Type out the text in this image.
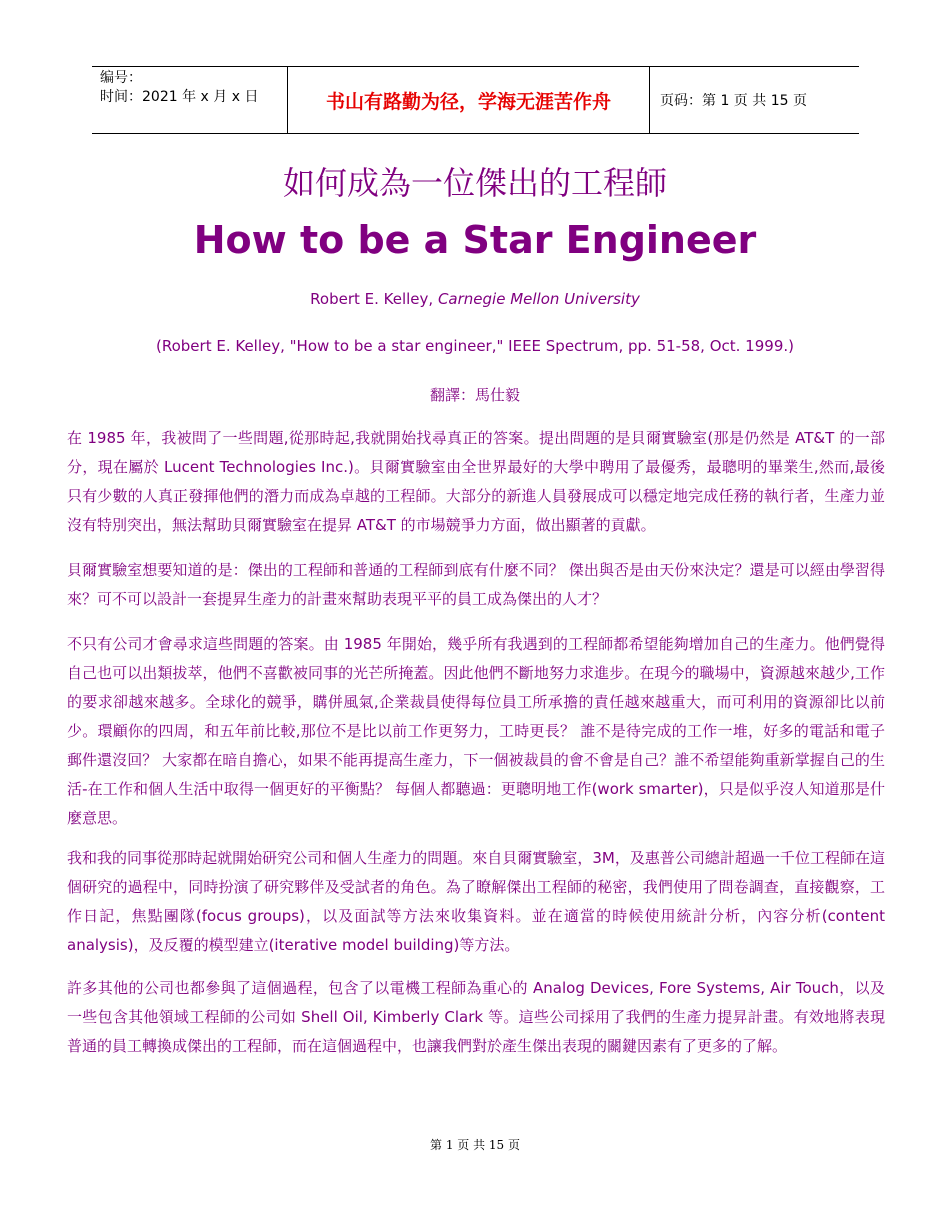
编号：
时间：2021 年 x 月 x 日	书山有路勤为径，学海无涯苦作舟	页码：第 1 页 共 15 页
如何成為一位傑出的工程師
How to be a Star Engineer
Robert E. Kelley, Carnegie Mellon University
(Robert E. Kelley, "How to be a star engineer," IEEE Spectrum, pp. 51-58, Oct. 1999.)
翻譯：馬仕毅
在 1985 年，我被問了一些問題,從那時起,我就開始找尋真正的答案。提出問題的是貝爾實驗室(那是仍然是 AT&T 的一部分，現在屬於 Lucent Technologies Inc.)。貝爾實驗室由全世界最好的大學中聘用了最優秀，最聰明的畢業生,然而,最後只有少數的人真正發揮他們的潛力而成為卓越的工程師。大部分的新進人員發展成可以穩定地完成任務的執行者，生產力並沒有特別突出，無法幫助貝爾實驗室在提昇 AT&T 的市場競爭力方面，做出顯著的貢獻。
貝爾實驗室想要知道的是：傑出的工程師和普通的工程師到底有什麼不同？ 傑出與否是由天份來決定？還是可以經由學習得來？可不可以設計一套提昇生產力的計畫來幫助表現平平的員工成為傑出的人才？
不只有公司才會尋求這些問題的答案。由 1985 年開始，幾乎所有我遇到的工程師都希望能夠增加自己的生產力。他們覺得自己也可以出類拔萃，他們不喜歡被同事的光芒所掩蓋。因此他們不斷地努力求進步。在現今的職場中，資源越來越少,工作的要求卻越來越多。全球化的競爭，購併風氣,企業裁員使得每位員工所承擔的責任越來越重大，而可利用的資源卻比以前少。環顧你的四周，和五年前比較,那位不是比以前工作更努力，工時更長？ 誰不是待完成的工作一堆，好多的電話和電子郵件還沒回？ 大家都在暗自擔心，如果不能再提高生產力，下一個被裁員的會不會是自己？誰不希望能夠重新掌握自己的生活-在工作和個人生活中取得一個更好的平衡點？ 每個人都聽過：更聰明地工作(work smarter)，只是似乎沒人知道那是什麼意思。
我和我的同事從那時起就開始研究公司和個人生產力的問題。來自貝爾實驗室，3M，及惠普公司總計超過一千位工程師在這個研究的過程中，同時扮演了研究夥伴及受試者的角色。為了瞭解傑出工程師的秘密，我們使用了問卷調查，直接觀察，工作日記，焦點團隊(focus groups)，以及面試等方法來收集資料。並在適當的時候使用統計分析，內容分析(content analysis)，及反覆的模型建立(iterative model building)等方法。
許多其他的公司也都參與了這個過程，包含了以電機工程師為重心的 Analog Devices, Fore Systems, Air Touch，以及一些包含其他領域工程師的公司如 Shell Oil, Kimberly Clark 等。這些公司採用了我們的生產力提昇計畫。有效地將表現普通的員工轉換成傑出的工程師，而在這個過程中，也讓我們對於產生傑出表現的關鍵因素有了更多的了解。
第 1 页 共 15 页
